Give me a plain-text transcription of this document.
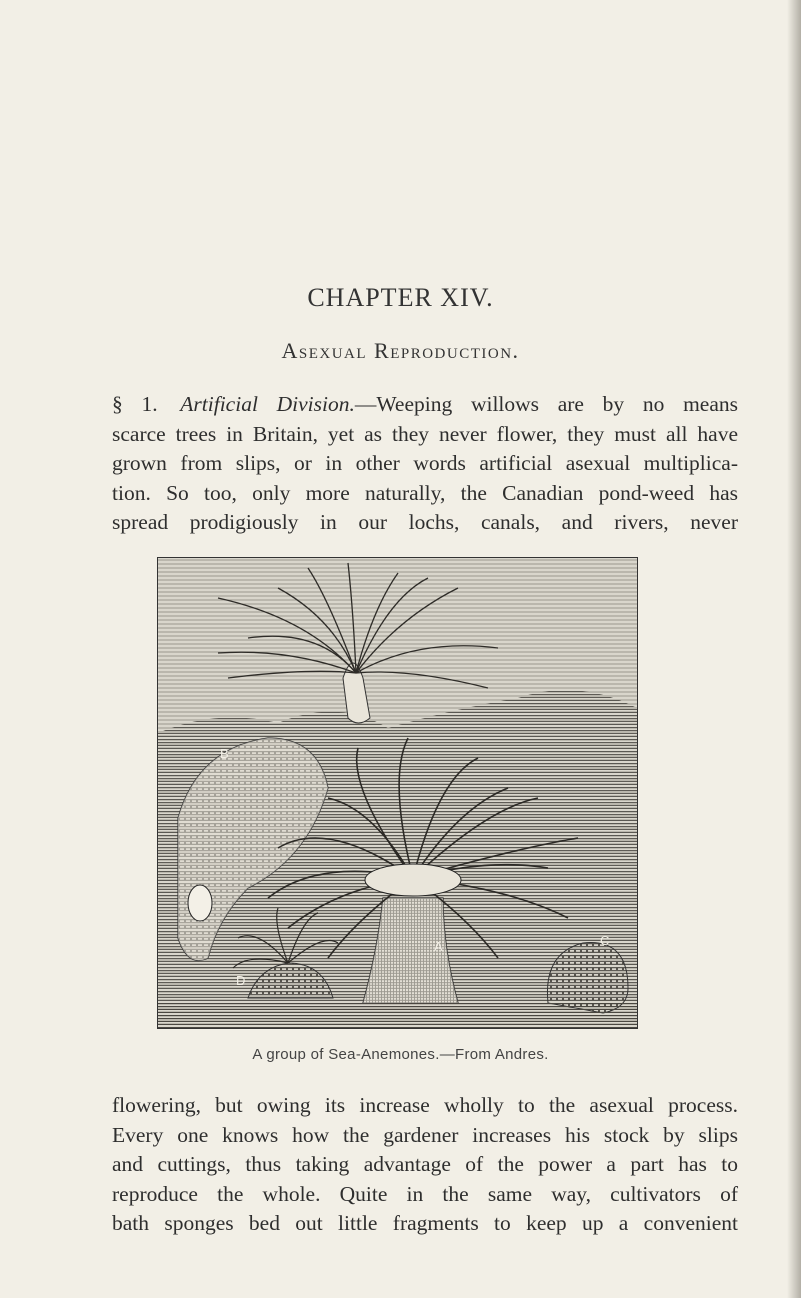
CHAPTER XIV.
Asexual Reproduction.
§ 1. Artificial Division.—Weeping willows are by no means
scarce trees in Britain, yet as they never flower, they must all have
grown from slips, or in other words artificial asexual multiplica-
tion. So too, only more naturally, the Canadian pond-weed has
spread prodigiously in our lochs, canals, and rivers, never
B
A	C
D
A group of Sea-Anemones.—From Andres.
flowering, but owing its increase wholly to the asexual process.
Every one knows how the gardener increases his stock by slips
and cuttings, thus taking advantage of the power a part has to
reproduce the whole. Quite in the same way, cultivators of
bath sponges bed out little fragments to keep up a convenient
